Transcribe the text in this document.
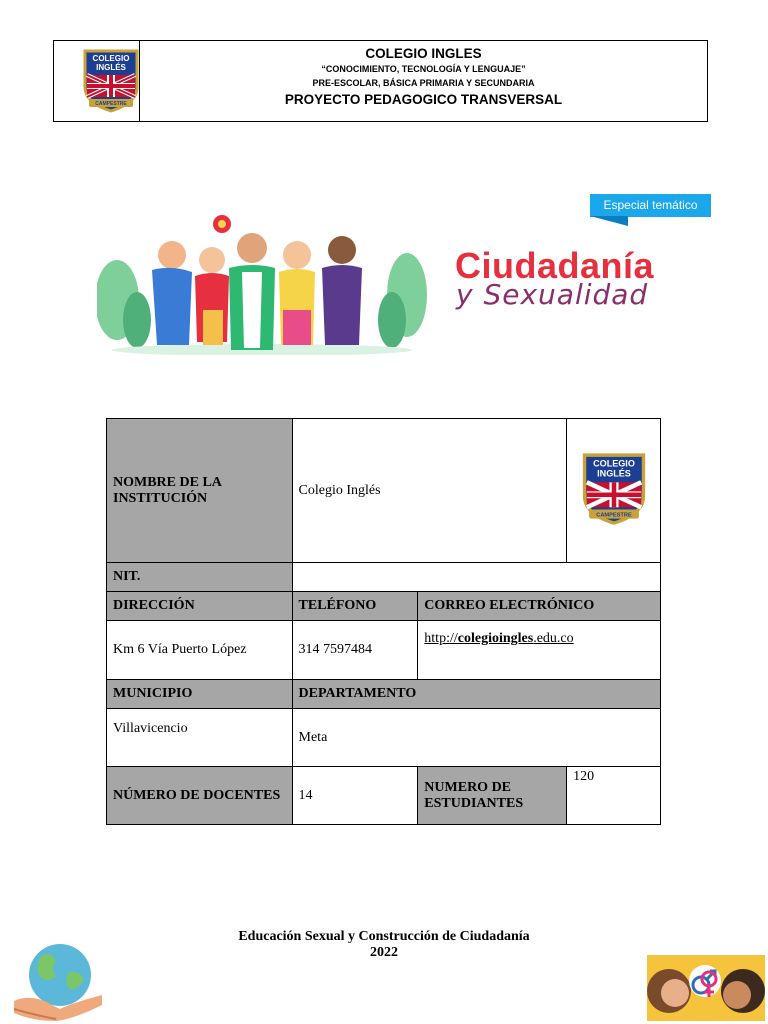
COLEGIO
INGLÉS
CAMPESTRE
COLEGIO INGLES
“CONOCIMIENTO, TECNOLOGÍA Y LENGUAJE”
PRE-ESCOLAR, BÁSICA PRIMARIA Y SECUNDARIA
PROYECTO PEDAGOGICO TRANSVERSAL
Especial temático
Ciudadanía
y Sexualidad
NOMBRE DE LA INSTITUCIÓN	Colegio Inglés		COLEGIO
INGLÉS
CAMPESTRE

NIT.			
DIRECCIÓN	TELÉFONO	CORREO ELECTRÓNICO	
Km 6 Vía Puerto López	314 7597484	http://colegioingles.edu.co	
MUNICIPIO	DEPARTAMENTO		
Villavicencio	Meta		
NÚMERO DE DOCENTES	14	NUMERO DE ESTUDIANTES	120
Educación Sexual y Construcción de Ciudadanía
2022
